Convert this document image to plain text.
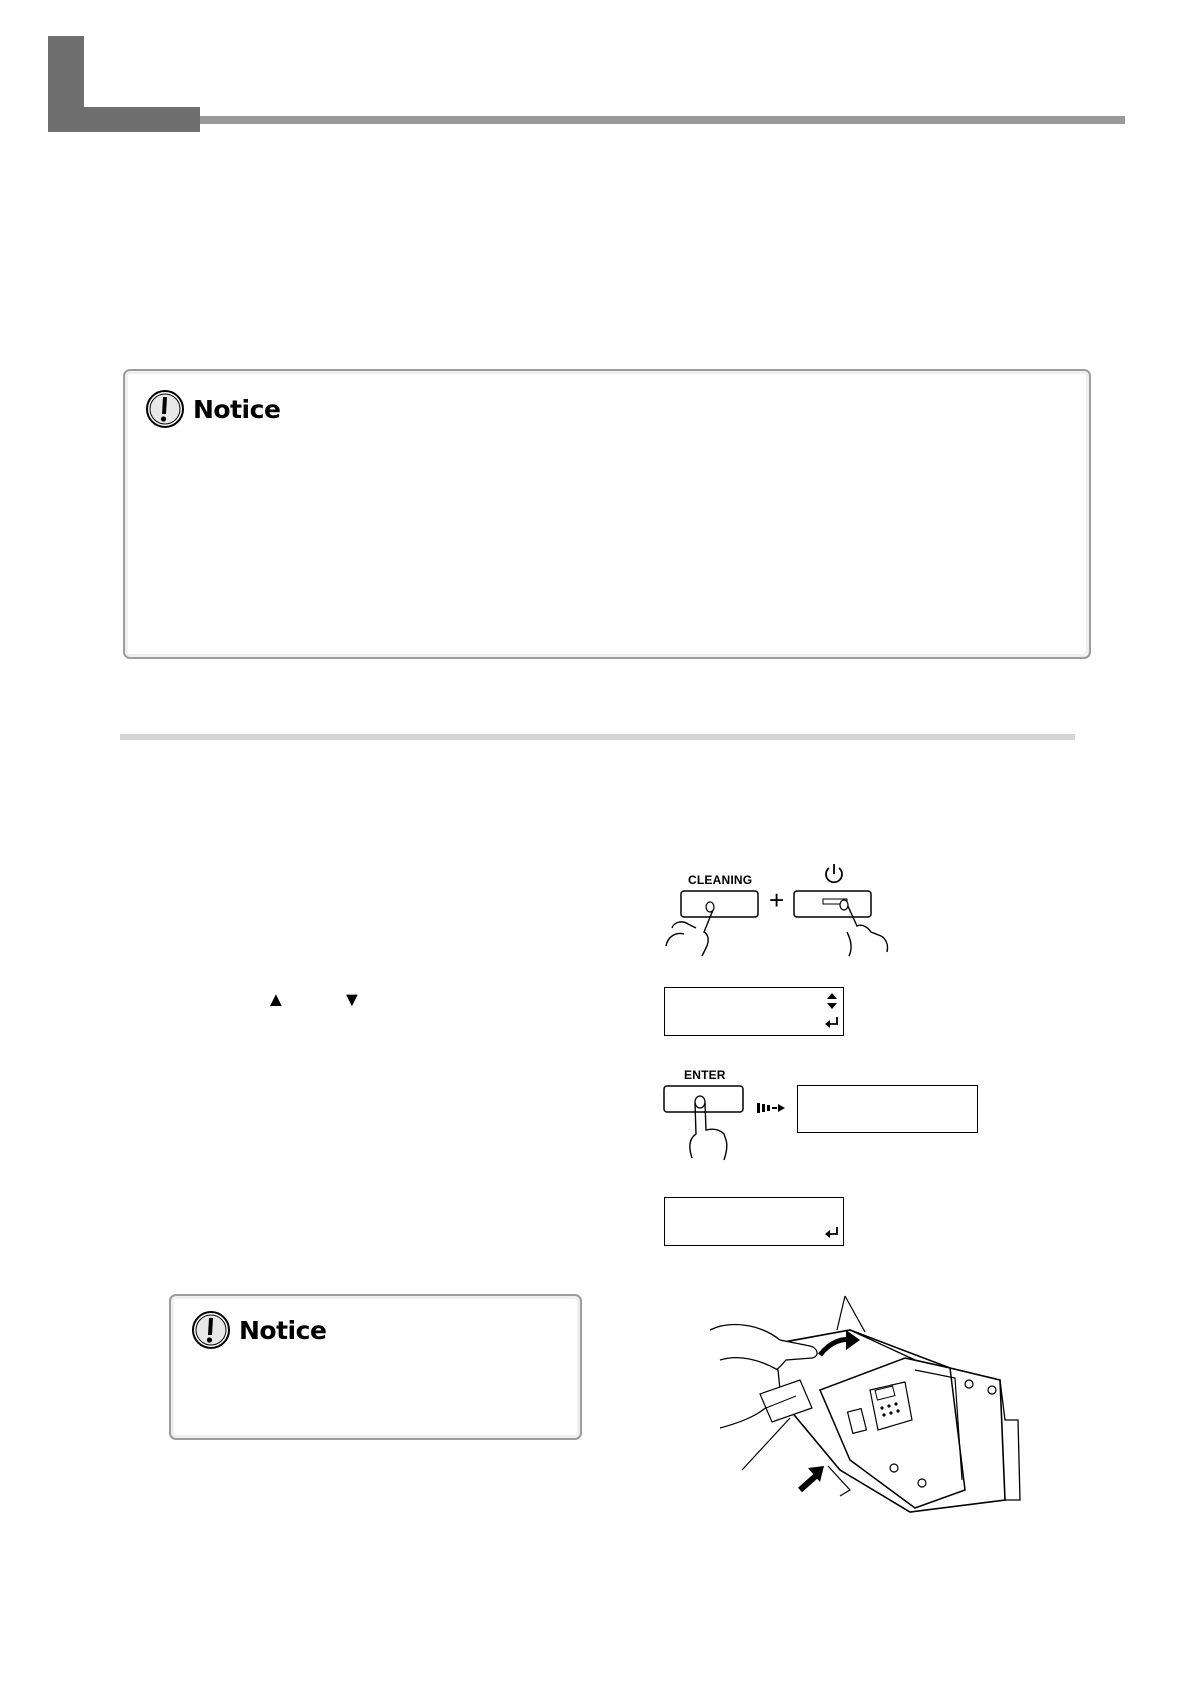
Notice
▲	▼
CLEANING
+
ENTER
Notice
